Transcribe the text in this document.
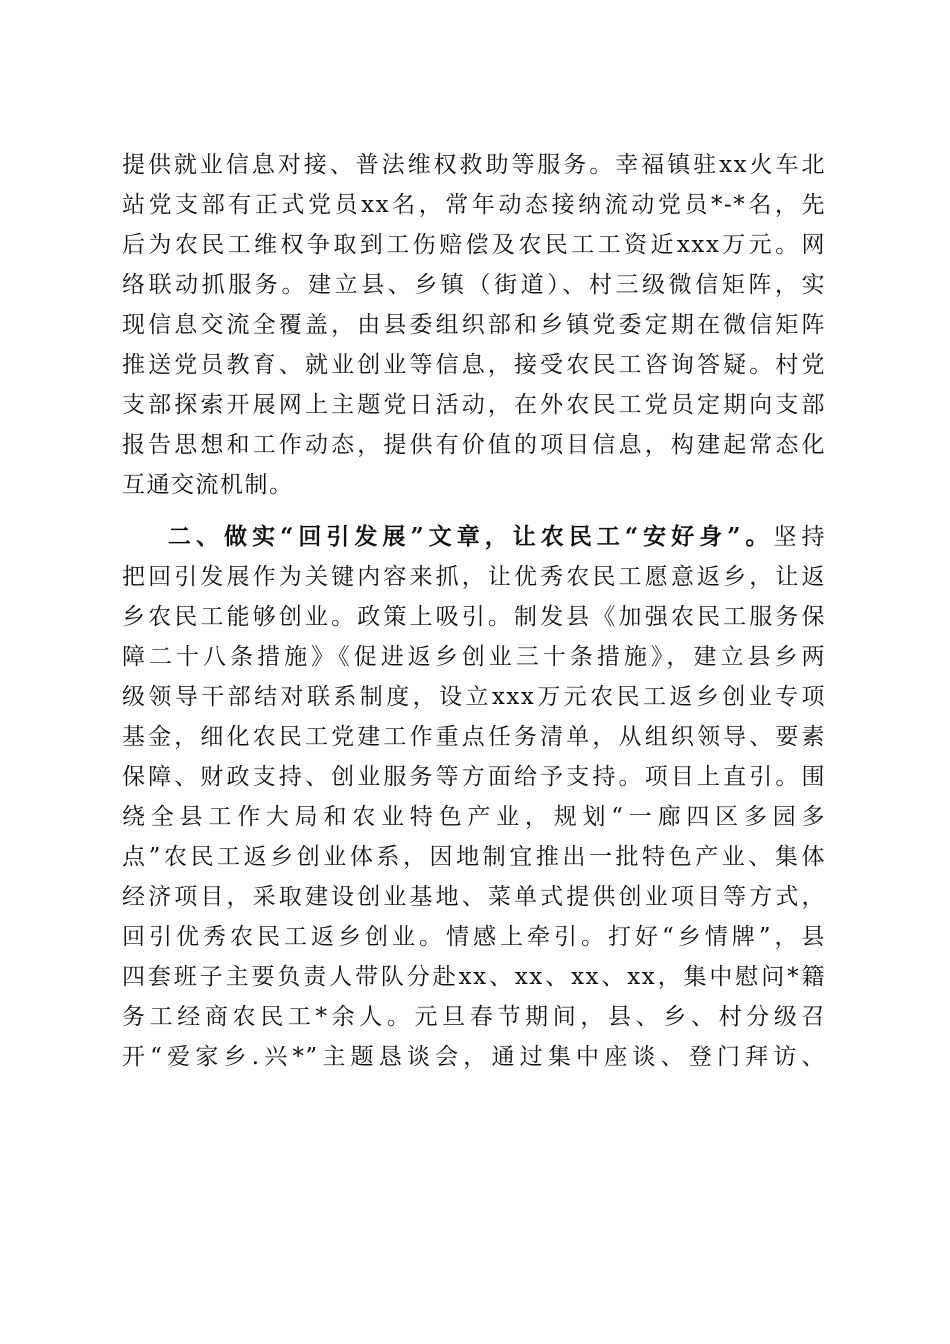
提供就业信息对接、普法维权救助等服务。幸福镇驻xx火车北
站党支部有正式党员xx名，常年动态接纳流动党员*-*名，先
后为农民工维权争取到工伤赔偿及农民工工资近xxx万元。网
络联动抓服务。建立县、乡镇（街道）、村三级微信矩阵，实
现信息交流全覆盖，由县委组织部和乡镇党委定期在微信矩阵
推送党员教育、就业创业等信息，接受农民工咨询答疑。村党
支部探索开展网上主题党日活动，在外农民工党员定期向支部
报告思想和工作动态，提供有价值的项目信息，构建起常态化
互通交流机制。
二、做实“回引发展”文章，让农民工“安好身”。坚持
把回引发展作为关键内容来抓，让优秀农民工愿意返乡，让返
乡农民工能够创业。政策上吸引。制发县《加强农民工服务保
障二十八条措施》《促进返乡创业三十条措施》，建立县乡两
级领导干部结对联系制度，设立xxx万元农民工返乡创业专项
基金，细化农民工党建工作重点任务清单，从组织领导、要素
保障、财政支持、创业服务等方面给予支持。项目上直引。围
绕全县工作大局和农业特色产业，规划“一廊四区多园多
点”农民工返乡创业体系，因地制宜推出一批特色产业、集体
经济项目，采取建设创业基地、菜单式提供创业项目等方式，
回引优秀农民工返乡创业。情感上牵引。打好“乡情牌”，县
四套班子主要负责人带队分赴xx、xx、xx、xx，集中慰问*籍
务工经商农民工*余人。元旦春节期间，县、乡、村分级召
开“爱家乡.兴*”主题恳谈会，通过集中座谈、登门拜访、
